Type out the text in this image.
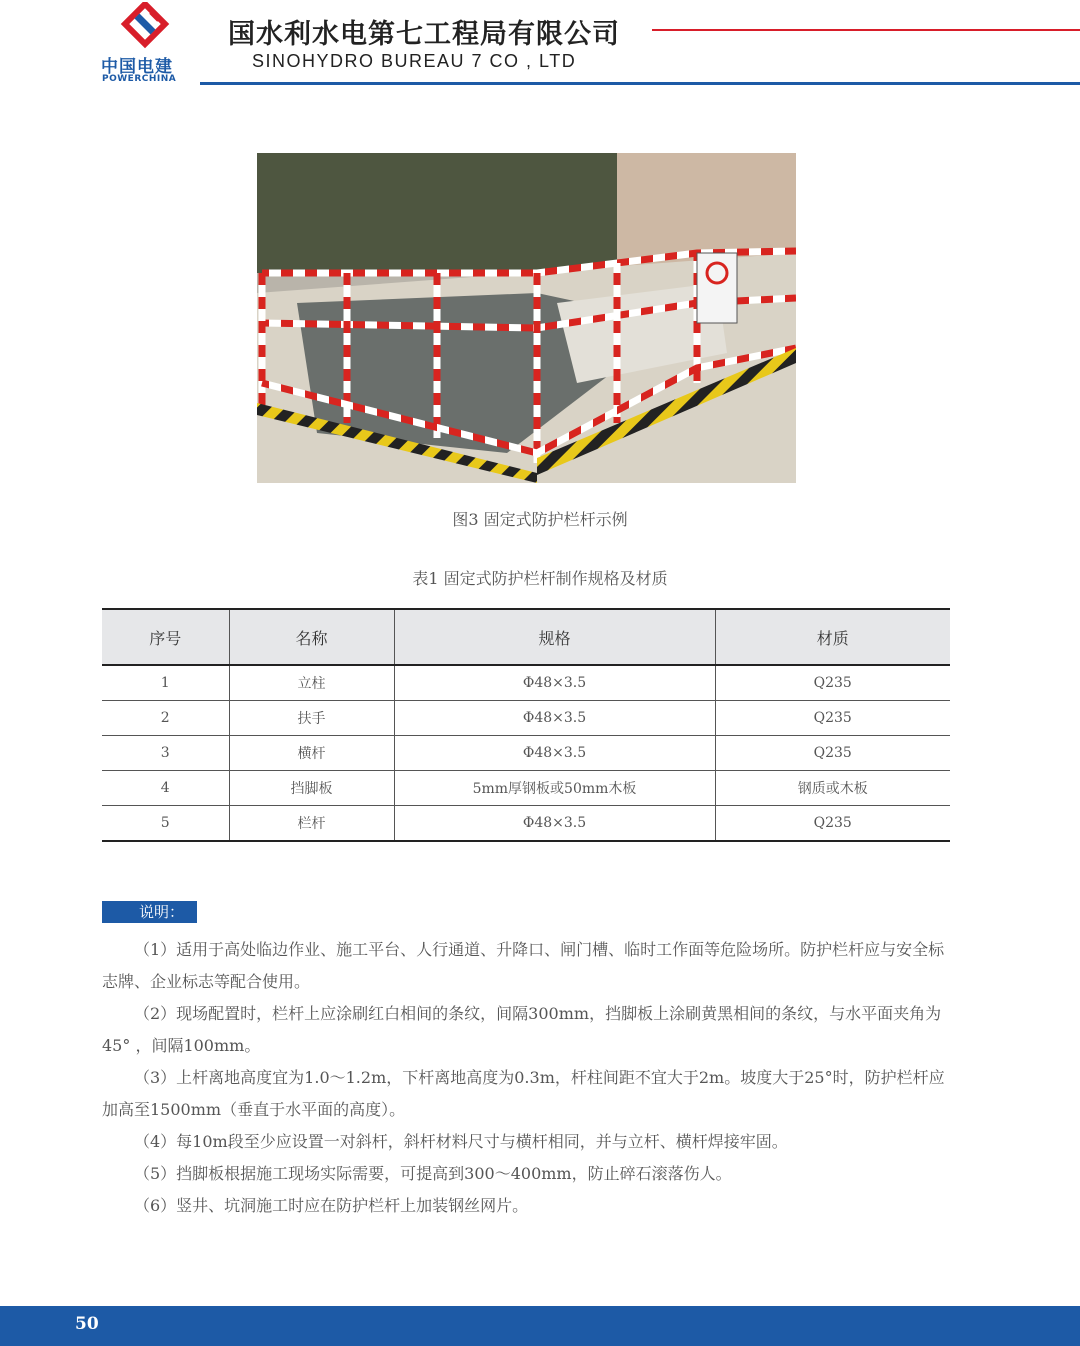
中国电建
POWERCHINA
国水利水电第七工程局有限公司
SINOHYDRO BUREAU 7 CO , LTD
图3 固定式防护栏杆示例
表1 固定式防护栏杆制作规格及材质
序号	名称	规格	材质
1	立柱	Φ48×3.5	Q235
2	扶手	Φ48×3.5	Q235
3	横杆	Φ48×3.5	Q235
4	挡脚板	5mm厚钢板或50mm木板	钢质或木板
5	栏杆	Φ48×3.5	Q235
说明：

（1）适用于高处临边作业、施工平台、人行通道、升降口、闸门槽、临时工作面等危险场所。防护栏杆应与安全标志牌、企业标志等配合使用。

（2）现场配置时，栏杆上应涂刷红白相间的条纹，间隔300mm，挡脚板上涂刷黄黑相间的条纹，与水平面夹角为45° ，间隔100mm。

（3）上杆离地高度宜为1.0～1.2m，下杆离地高度为0.3m，杆柱间距不宜大于2m。坡度大于25°时，防护栏杆应加高至1500mm（垂直于水平面的高度）。

（4）每10m段至少应设置一对斜杆，斜杆材料尺寸与横杆相同，并与立杆、横杆焊接牢固。

（5）挡脚板根据施工现场实际需要，可提高到300～400mm，防止碎石滚落伤人。

（6）竖井、坑洞施工时应在防护栏杆上加装钢丝网片。

50
